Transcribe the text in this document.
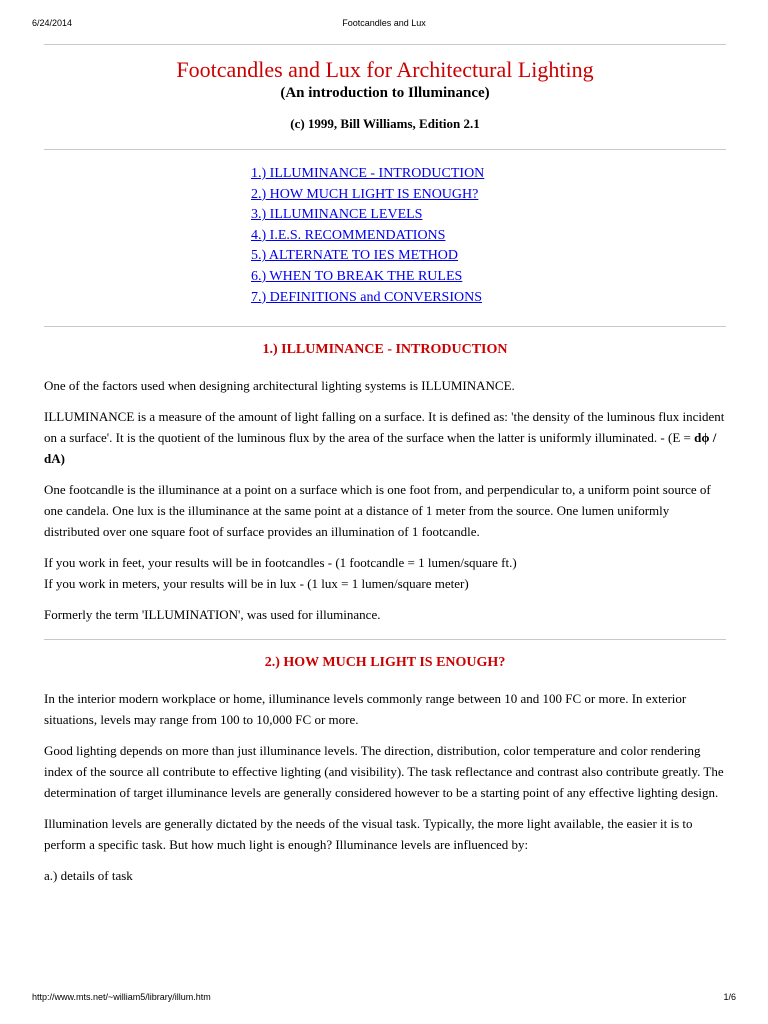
6/24/2014	Footcandles and Lux
Footcandles and Lux for Architectural Lighting
(An introduction to Illuminance)
(c) 1999, Bill Williams, Edition 2.1
1.) ILLUMINANCE - INTRODUCTION
2.) HOW MUCH LIGHT IS ENOUGH?
3.) ILLUMINANCE LEVELS
4.) I.E.S. RECOMMENDATIONS
5.) ALTERNATE TO IES METHOD
6.) WHEN TO BREAK THE RULES
7.) DEFINITIONS and CONVERSIONS
1.) ILLUMINANCE - INTRODUCTION

One of the factors used when designing architectural lighting systems is ILLUMINANCE.

ILLUMINANCE is a measure of the amount of light falling on a surface. It is defined as: 'the density of the luminous flux incident on a surface'. It is the quotient of the luminous flux by the area of the surface when the latter is uniformly illuminated. - (E = dϕ / dA)

One footcandle is the illuminance at a point on a surface which is one foot from, and perpendicular to, a uniform point source of one candela. One lux is the illuminance at the same point at a distance of 1 meter from the source. One lumen uniformly distributed over one square foot of surface provides an illumination of 1 footcandle.

If you work in feet, your results will be in footcandles - (1 footcandle = 1 lumen/square ft.)
If you work in meters, your results will be in lux - (1 lux = 1 lumen/square meter)

Formerly the term 'ILLUMINATION', was used for illuminance.

2.) HOW MUCH LIGHT IS ENOUGH?

In the interior modern workplace or home, illuminance levels commonly range between 10 and 100 FC or more. In exterior situations, levels may range from 100 to 10,000 FC or more.

Good lighting depends on more than just illuminance levels. The direction, distribution, color temperature and color rendering index of the source all contribute to effective lighting (and visibility). The task reflectance and contrast also contribute greatly. The determination of target illuminance levels are generally considered however to be a starting point of any effective lighting design.

Illumination levels are generally dictated by the needs of the visual task. Typically, the more light available, the easier it is to perform a specific task. But how much light is enough? Illuminance levels are influenced by:

a.) details of task

http://www.mts.net/~william5/library/illum.htm	1/6
